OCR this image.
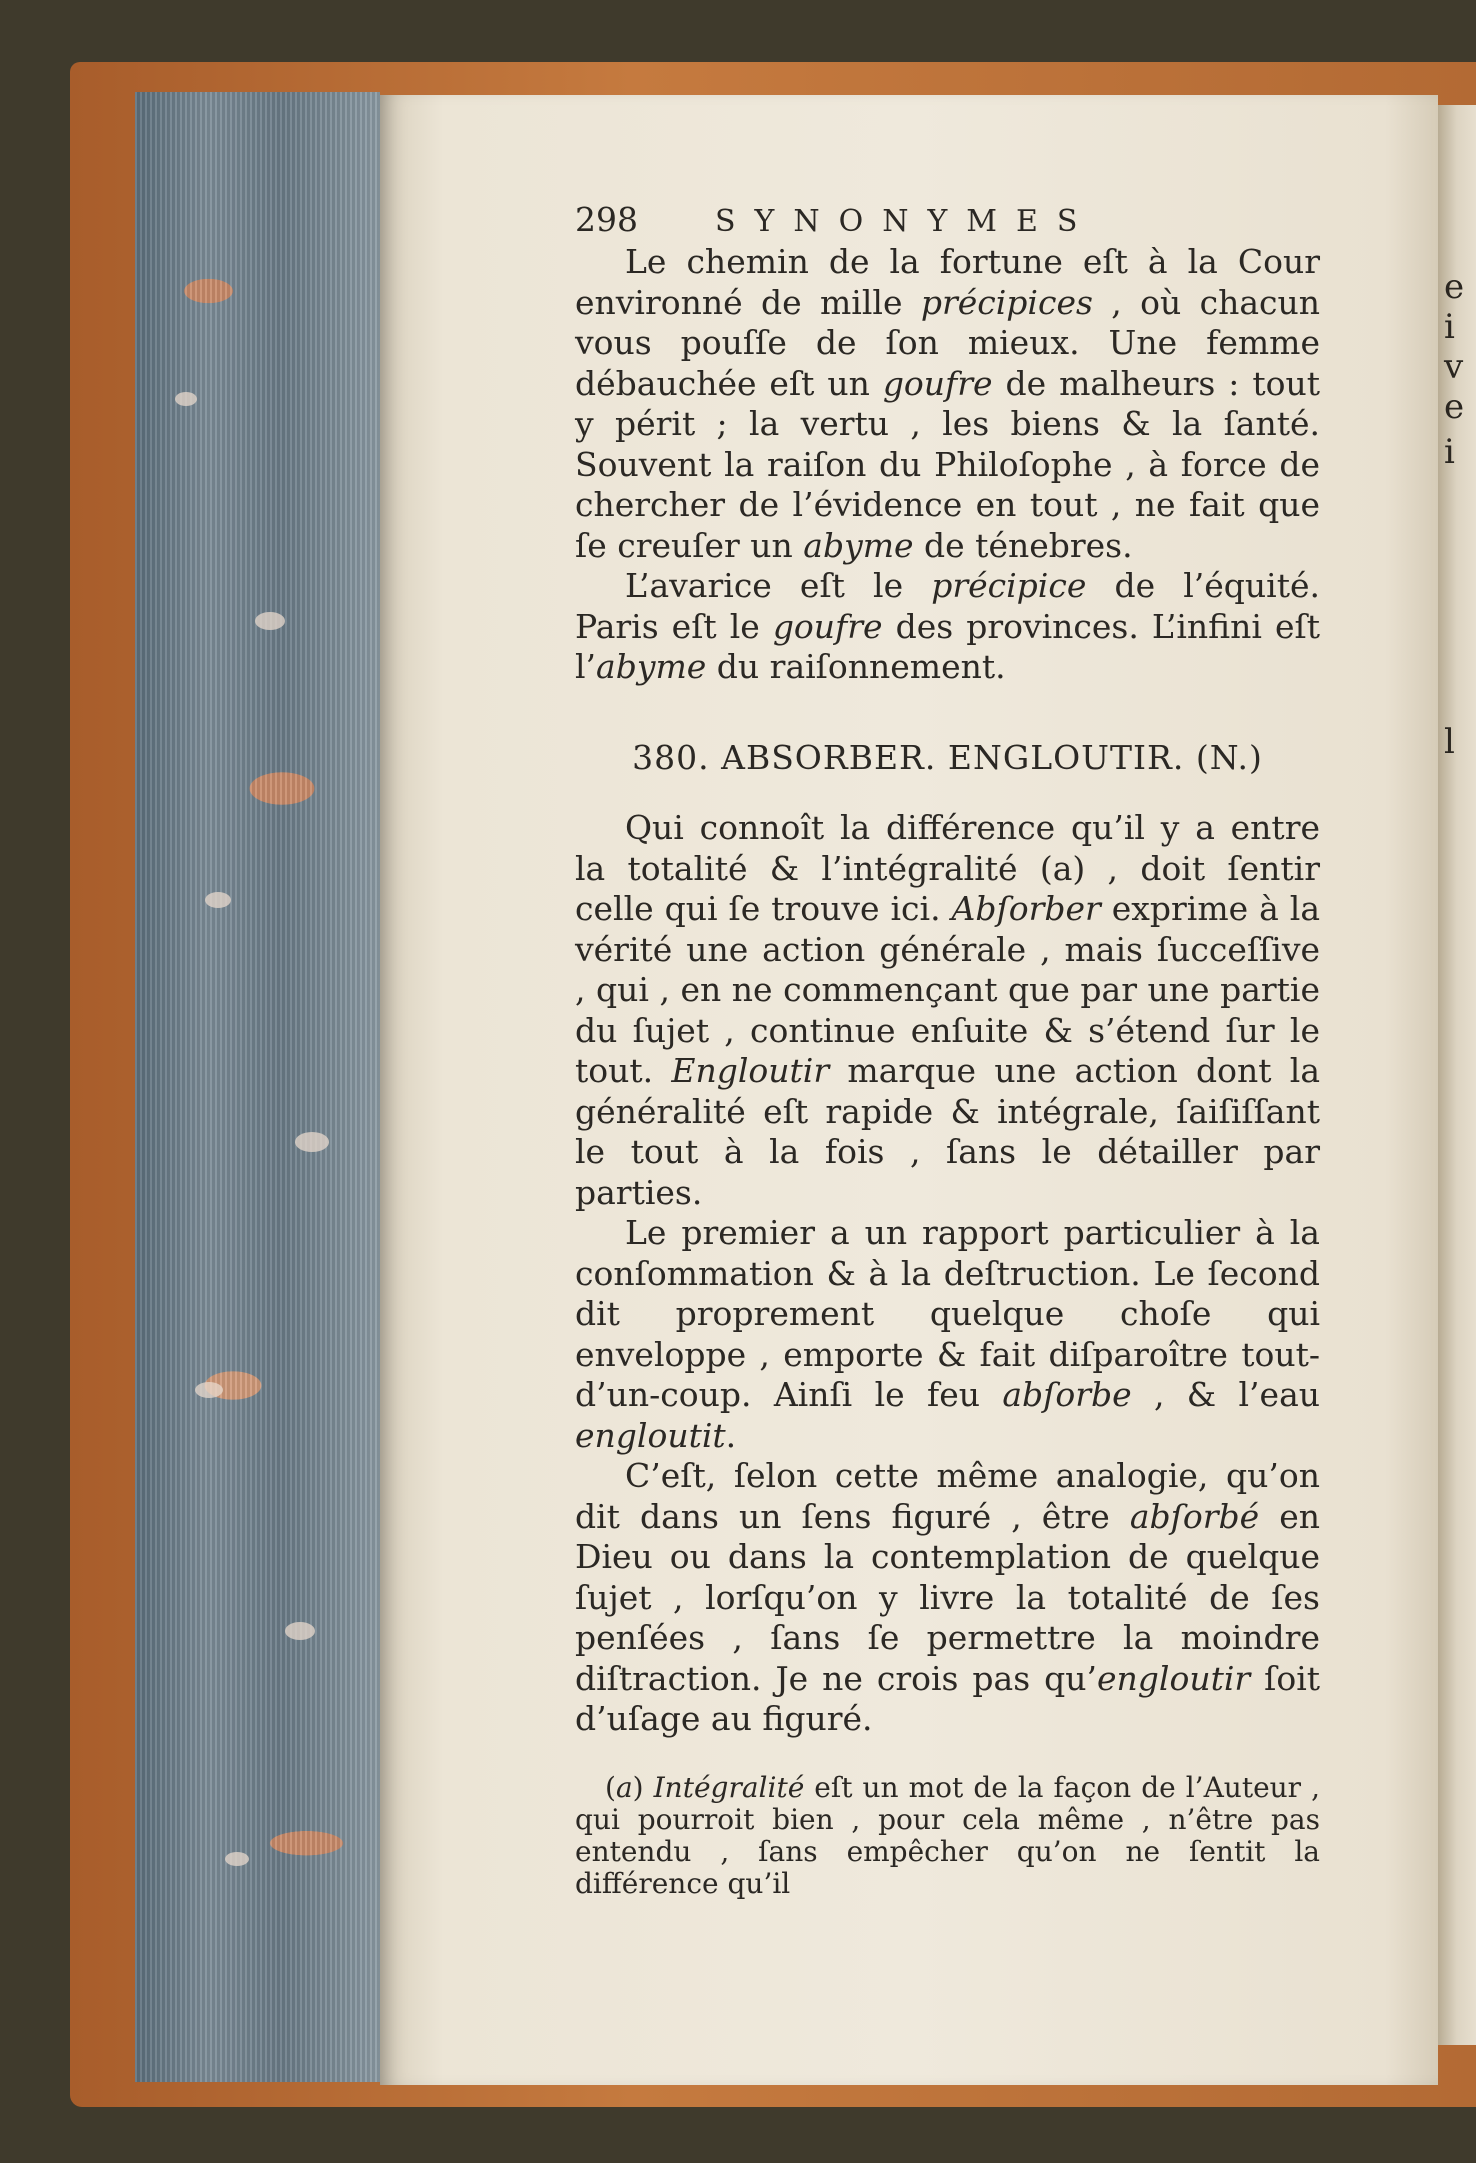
e
i
v
e
i
l
298	SYNONYMES

Le chemin de la fortune eſt à la Cour environné de mille précipices , où chacun vous pouſſe de ſon mieux. Une femme débauchée eſt un goufre de malheurs : tout y périt ; la vertu , les biens & la ſanté. Souvent la raiſon du Philoſophe , à force de chercher de l’évidence en tout , ne fait que ſe creuſer un abyme de ténebres.

L’avarice eſt le précipice de l’équité. Paris eſt le goufre des provinces. L’infini eſt l’abyme du raiſonnement.

380. ABSORBER. ENGLOUTIR. (N.)

Qui connoît la différence qu’il y a entre la totalité & l’intégralité (a) , doit ſentir celle qui ſe trouve ici. Abſorber exprime à la vérité une action générale , mais ſucceſſive , qui , en ne commençant que par une partie du ſujet , continue enſuite & s’étend ſur le tout. Engloutir marque une action dont la généralité eſt rapide & intégrale, ſaiſiſſant le tout à la fois , ſans le détailler par parties.

Le premier a un rapport particulier à la conſommation & à la deſtruction. Le ſecond dit proprement quelque choſe qui enveloppe , emporte & fait diſparoître tout-d’un-coup. Ainſi le feu abſorbe , & l’eau engloutit.

C’eſt, ſelon cette même analogie, qu’on dit dans un ſens figuré , être abſorbé en Dieu ou dans la contemplation de quelque ſujet , lorſqu’on y livre la totalité de ſes penſées , ſans ſe permettre la moindre diſtraction. Je ne crois pas qu’engloutir ſoit d’uſage au figuré.

(a) Intégralité eſt un mot de la façon de l’Auteur , qui pourroit bien , pour cela même , n’être pas entendu , ſans empêcher qu’on ne ſentit la différence qu’il
